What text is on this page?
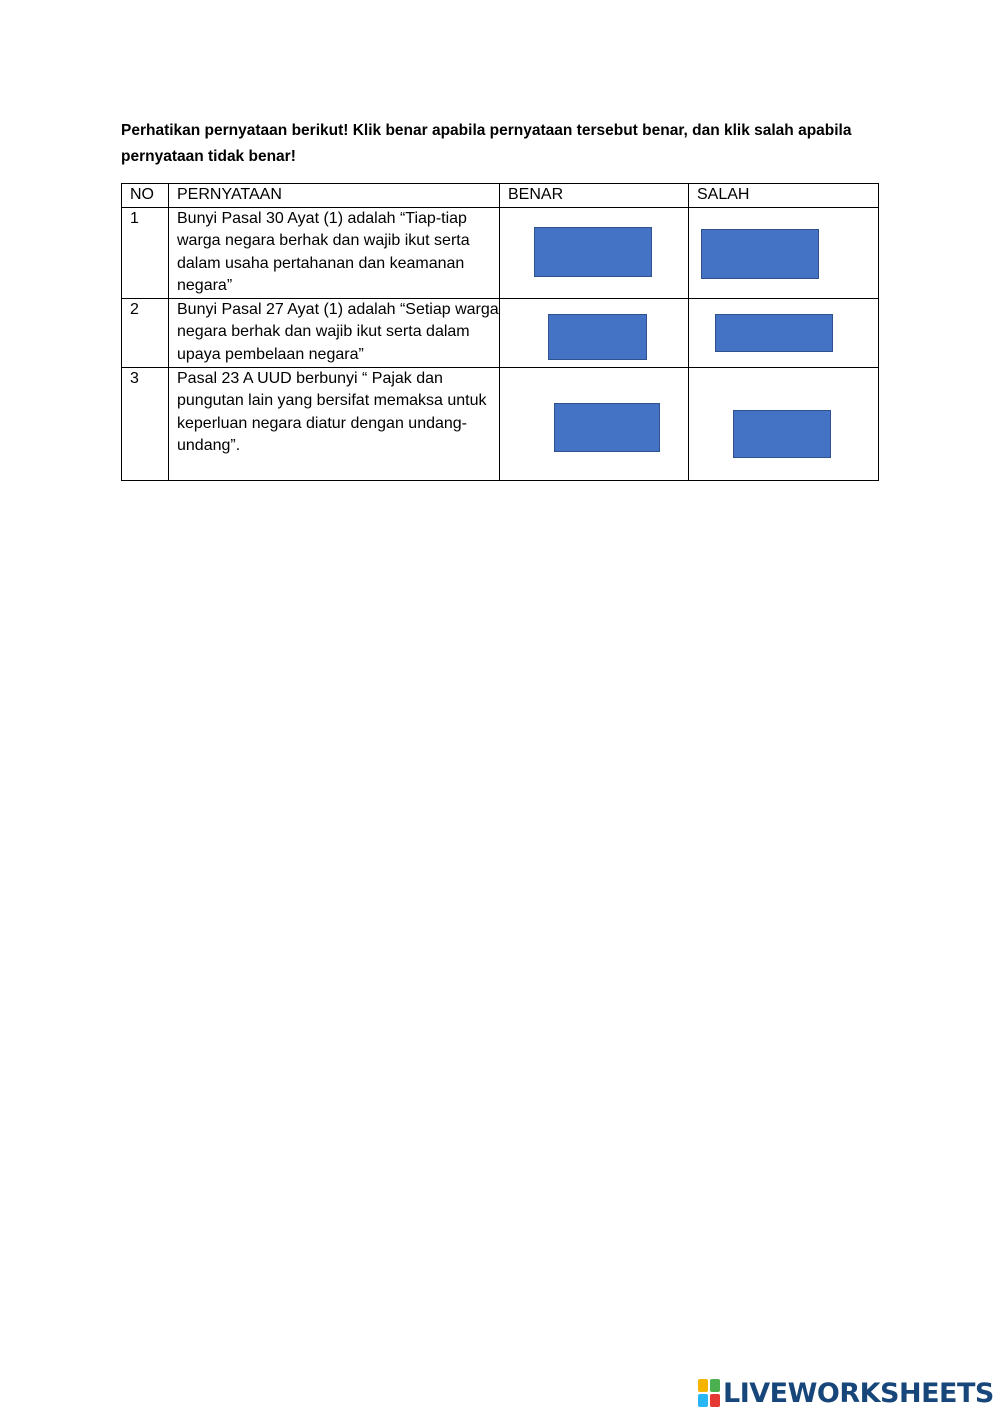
Perhatikan pernyataan berikut! Klik benar apabila pernyataan tersebut benar, dan klik salah apabila pernyataan tidak benar!
NO	PERNYATAAN	BENAR	SALAH
1	Bunyi Pasal 30 Ayat (1) adalah “Tiap-tiap warga negara berhak dan wajib ikut serta dalam usaha pertahanan dan keamanan negara”	

2	Bunyi Pasal 27 Ayat (1) adalah “Setiap warga negara berhak dan wajib ikut serta dalam upaya pembelaan negara”	

3	Pasal 23 A UUD berbunyi “ Pajak dan pungutan lain yang bersifat memaksa untuk keperluan negara diatur dengan undang-undang”.	

LIVEWORKSHEETS
